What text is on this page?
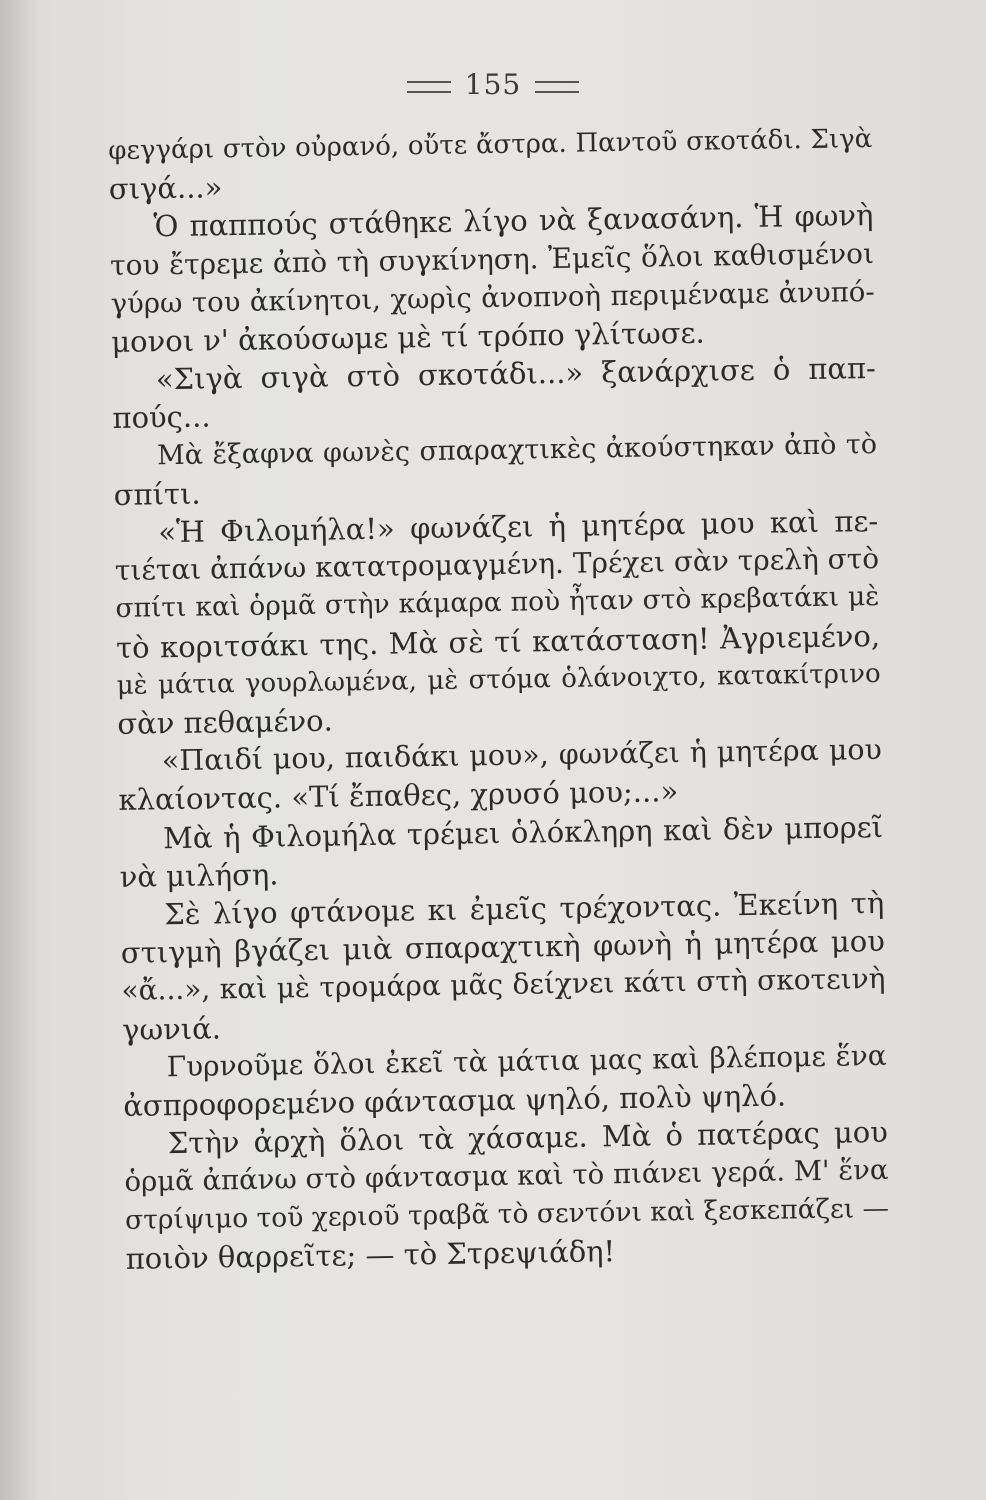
155
φεγγάρι στὸν οὐρανό, οὔτε ἄστρα. Παντοῦ σκοτάδι. Σιγὰ
σιγά...»
Ὁ παππούς στάθηκε λίγο νὰ ξανασάνη. Ἡ φωνὴ
του ἔτρεμε ἀπὸ τὴ συγκίνηση. Ἐμεῖς ὅλοι καθισμένοι
γύρω του ἀκίνητοι, χωρὶς ἀνοπνοὴ περιμέναμε ἀνυπό-
μονοι ν' ἀκούσωμε μὲ τί τρόπο γλίτωσε.
«Σιγὰ σιγὰ στὸ σκοτάδι...» ξανάρχισε ὁ παπ-
πούς...
Μὰ ἔξαφνα φωνὲς σπαραχτικὲς ἀκούστηκαν ἀπὸ τὸ
σπίτι.
«Ἡ Φιλομήλα!» φωνάζει ἡ μητέρα μου καὶ πε-
τιέται ἀπάνω κατατρομαγμένη. Τρέχει σὰν τρελὴ στὸ
σπίτι καὶ ὁρμᾶ στὴν κάμαρα ποὺ ἦταν στὸ κρεβατάκι μὲ
τὸ κοριτσάκι της. Μὰ σὲ τί κατάσταση! Ἀγριεμένο,
μὲ μάτια γουρλωμένα, μὲ στόμα ὁλάνοιχτο, κατακίτρινο
σὰν πεθαμένο.
«Παιδί μου, παιδάκι μου», φωνάζει ἡ μητέρα μου
κλαίοντας. «Τί ἔπαθες, χρυσό μου;...»
Μὰ ἡ Φιλομήλα τρέμει ὁλόκληρη καὶ δὲν μπορεῖ
νὰ μιλήση.
Σὲ λίγο φτάνομε κι ἐμεῖς τρέχοντας. Ἐκείνη τὴ
στιγμὴ βγάζει μιὰ σπαραχτικὴ φωνὴ ἡ μητέρα μου
«ἄ...», καὶ μὲ τρομάρα μᾶς δείχνει κάτι στὴ σκοτεινὴ
γωνιά.
Γυρνοῦμε ὅλοι ἐκεῖ τὰ μάτια μας καὶ βλέπομε ἕνα
ἀσπροφορεμένο φάντασμα ψηλό, πολὺ ψηλό.
Στὴν ἀρχὴ ὅλοι τὰ χάσαμε. Μὰ ὁ πατέρας μου
ὁρμᾶ ἀπάνω στὸ φάντασμα καὶ τὸ πιάνει γερά. Μ' ἕνα
στρίψιμο τοῦ χεριοῦ τραβᾶ τὸ σεντόνι καὶ ξεσκεπάζει —
ποιὸν θαρρεῖτε; — τὸ Στρεψιάδη!
